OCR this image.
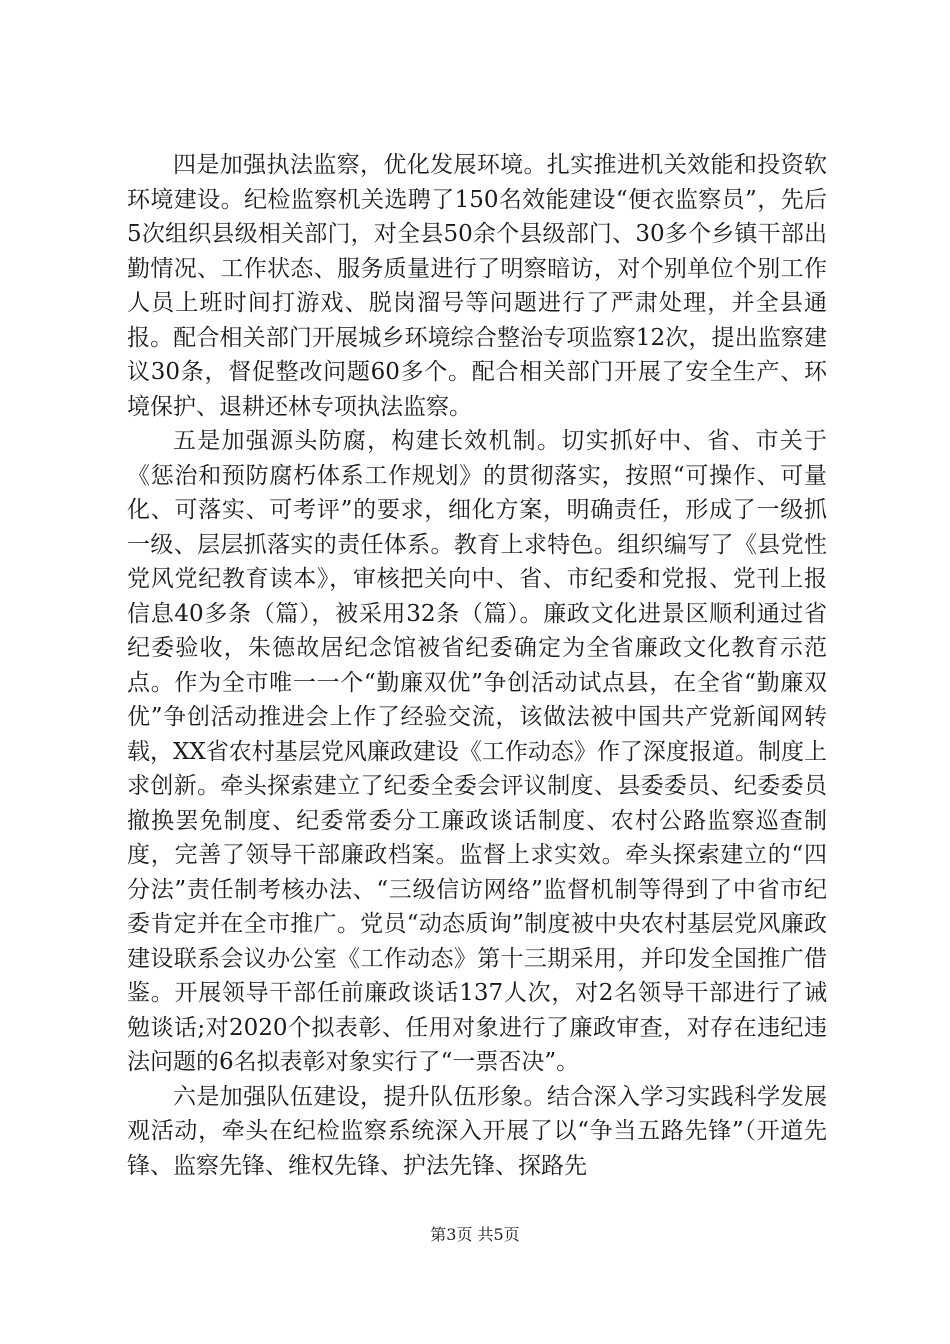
四是加强执法监察，优化发展环境。扎实推进机关效能和投资软环境建设。纪检监察机关选聘了150名效能建设“便衣监察员”，先后5次组织县级相关部门，对全县50余个县级部门、30多个乡镇干部出勤情况、工作状态、服务质量进行了明察暗访，对个别单位个别工作人员上班时间打游戏、脱岗溜号等问题进行了严肃处理，并全县通报。配合相关部门开展城乡环境综合整治专项监察12次，提出监察建议30条，督促整改问题60多个。配合相关部门开展了安全生产、环境保护、退耕还林专项执法监察。

五是加强源头防腐，构建长效机制。切实抓好中、省、市关于《惩治和预防腐朽体系工作规划》的贯彻落实，按照“可操作、可量化、可落实、可考评”的要求，细化方案，明确责任，形成了一级抓一级、层层抓落实的责任体系。教育上求特色。组织编写了《县党性党风党纪教育读本》，审核把关向中、省、市纪委和党报、党刊上报信息40多条（篇），被采用32条（篇）。廉政文化进景区顺利通过省纪委验收，朱德故居纪念馆被省纪委确定为全省廉政文化教育示范点。作为全市唯一一个“勤廉双优”争创活动试点县，在全省“勤廉双优”争创活动推进会上作了经验交流，该做法被中国共产党新闻网转载，XX省农村基层党风廉政建设《工作动态》作了深度报道。制度上求创新。牵头探索建立了纪委全委会评议制度、县委委员、纪委委员撤换罢免制度、纪委常委分工廉政谈话制度、农村公路监察巡查制度，完善了领导干部廉政档案。监督上求实效。牵头探索建立的“四分法”责任制考核办法、“三级信访网络”监督机制等得到了中省市纪委肯定并在全市推广。党员“动态质询”制度被中央农村基层党风廉政建设联系会议办公室《工作动态》第十三期采用，并印发全国推广借鉴。开展领导干部任前廉政谈话137人次，对2名领导干部进行了诫勉谈话;对2020个拟表彰、任用对象进行了廉政审查，对存在违纪违法问题的6名拟表彰对象实行了“一票否决”。

六是加强队伍建设，提升队伍形象。结合深入学习实践科学发展观活动，牵头在纪检监察系统深入开展了以“争当五路先锋”（开道先锋、监察先锋、维权先锋、护法先锋、探路先

第3页 共5页
